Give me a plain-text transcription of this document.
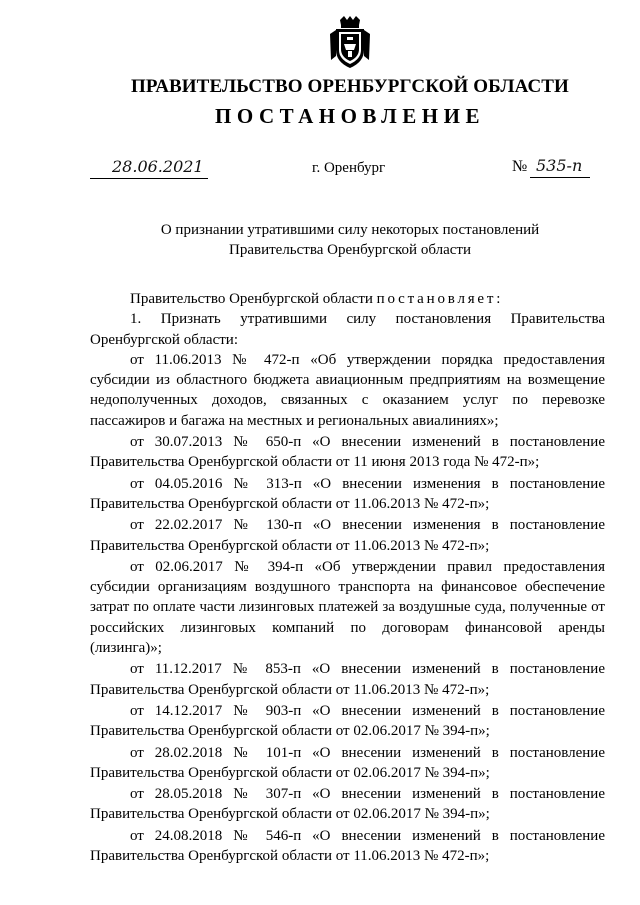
ПРАВИТЕЛЬСТВО ОРЕНБУРГСКОЙ ОБЛАСТИ
ПОСТАНОВЛЕНИЕ
28.06.2021	г. Оренбург	№ 535-п
О признании утратившими силу некоторых постановлений
Правительства Оренбургской области

Правительство Оренбургской области постановляет:

1. Признать утратившими силу постановления Правительства Оренбургской области:

от 11.06.2013 № 472-п «Об утверждении порядка предоставления субсидии из областного бюджета авиационным предприятиям на возмещение недополученных доходов, связанных с оказанием услуг по перевозке пассажиров и багажа на местных и региональных авиалиниях»;

от 30.07.2013 № 650-п «О внесении изменений в постановление Правительства Оренбургской области от 11 июня 2013 года № 472-п»;

от 04.05.2016 № 313-п «О внесении изменения в постановление Правительства Оренбургской области от 11.06.2013 № 472-п»;

от 22.02.2017 № 130-п «О внесении изменения в постановление Правительства Оренбургской области от 11.06.2013 № 472-п»;

от 02.06.2017 № 394-п «Об утверждении правил предоставления субсидии организациям воздушного транспорта на финансовое обеспечение затрат по оплате части лизинговых платежей за воздушные суда, полученные от российских лизинговых компаний по договорам финансовой аренды (лизинга)»;

от 11.12.2017 № 853-п «О внесении изменений в постановление Правительства Оренбургской области от 11.06.2013 № 472-п»;

от 14.12.2017 № 903-п «О внесении изменений в постановление Правительства Оренбургской области от 02.06.2017 № 394-п»;

от 28.02.2018 № 101-п «О внесении изменений в постановление Правительства Оренбургской области от 02.06.2017 № 394-п»;

от 28.05.2018 № 307-п «О внесении изменений в постановление Правительства Оренбургской области от 02.06.2017 № 394-п»;

от 24.08.2018 № 546-п «О внесении изменений в постановление Правительства Оренбургской области от 11.06.2013 № 472-п»;
